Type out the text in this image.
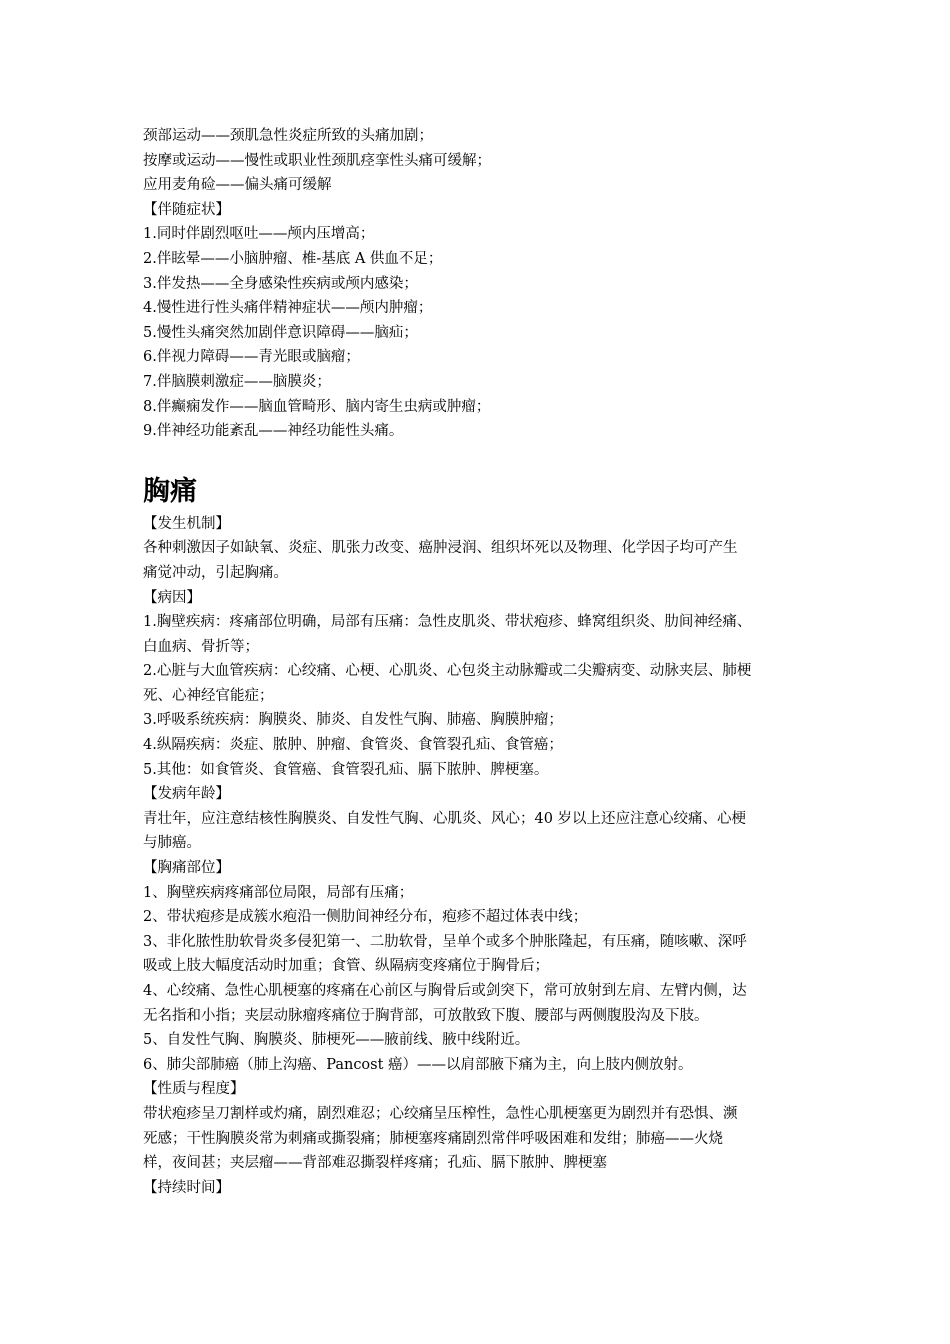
颈部运动——颈肌急性炎症所致的头痛加剧；
按摩或运动——慢性或职业性颈肌痉挛性头痛可缓解；
应用麦角硷——偏头痛可缓解
【伴随症状】
1.同时伴剧烈呕吐——颅内压增高；
2.伴眩晕——小脑肿瘤、椎-基底 A 供血不足；
3.伴发热——全身感染性疾病或颅内感染；
4.慢性进行性头痛伴精神症状——颅内肿瘤；
5.慢性头痛突然加剧伴意识障碍——脑疝；
6.伴视力障碍——青光眼或脑瘤；
7.伴脑膜刺激症——脑膜炎；
8.伴癫痫发作——脑血管畸形、脑内寄生虫病或肿瘤；
9.伴神经功能紊乱——神经功能性头痛。
胸痛
【发生机制】
各种刺激因子如缺氧、炎症、肌张力改变、癌肿浸润、组织坏死以及物理、化学因子均可产生
痛觉冲动，引起胸痛。
【病因】
1.胸壁疾病：疼痛部位明确，局部有压痛：急性皮肌炎、带状疱疹、蜂窝组织炎、肋间神经痛、
白血病、骨折等；
2.心脏与大血管疾病：心绞痛、心梗、心肌炎、心包炎主动脉瓣或二尖瓣病变、动脉夹层、肺梗
死、心神经官能症；
3.呼吸系统疾病：胸膜炎、肺炎、自发性气胸、肺癌、胸膜肿瘤；
4.纵隔疾病：炎症、脓肿、肿瘤、食管炎、食管裂孔疝、食管癌；
5.其他：如食管炎、食管癌、食管裂孔疝、膈下脓肿、脾梗塞。
【发病年龄】
青壮年，应注意结核性胸膜炎、自发性气胸、心肌炎、风心；40 岁以上还应注意心绞痛、心梗
与肺癌。
【胸痛部位】
1、胸壁疾病疼痛部位局限，局部有压痛；
2、带状疱疹是成簇水疱沿一侧肋间神经分布，疱疹不超过体表中线；
3、非化脓性肋软骨炎多侵犯第一、二肋软骨，呈单个或多个肿胀隆起，有压痛，随咳嗽、深呼
吸或上肢大幅度活动时加重；食管、纵隔病变疼痛位于胸骨后；
4、心绞痛、急性心肌梗塞的疼痛在心前区与胸骨后或剑突下，常可放射到左肩、左臂内侧，达
无名指和小指；夹层动脉瘤疼痛位于胸背部，可放散致下腹、腰部与两侧腹股沟及下肢。
5、自发性气胸、胸膜炎、肺梗死——腋前线、腋中线附近。
6、肺尖部肺癌（肺上沟癌、Pancost 癌）——以肩部腋下痛为主，向上肢内侧放射。
【性质与程度】
带状疱疹呈刀割样或灼痛，剧烈难忍；心绞痛呈压榨性，急性心肌梗塞更为剧烈并有恐惧、濒
死感；干性胸膜炎常为刺痛或撕裂痛；肺梗塞疼痛剧烈常伴呼吸困难和发绀；肺癌——火烧
样，夜间甚；夹层瘤——背部难忍撕裂样疼痛；孔疝、膈下脓肿、脾梗塞
【持续时间】
